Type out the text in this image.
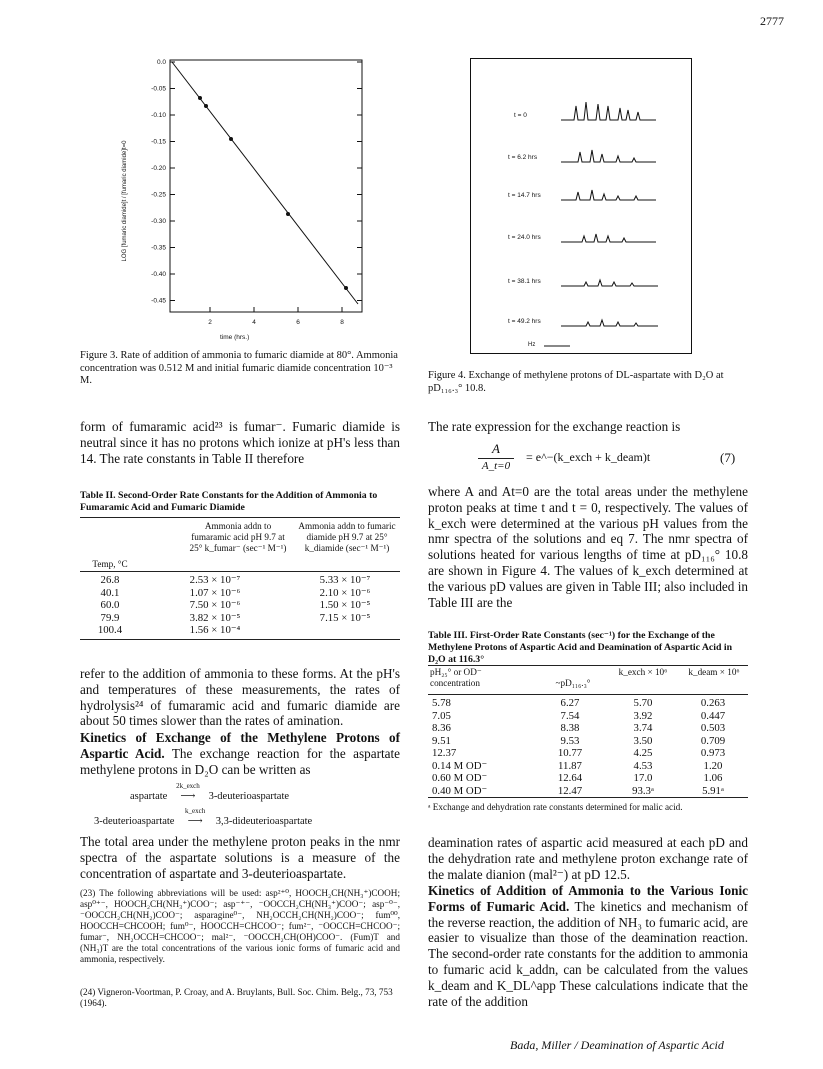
2777
0.0
-0.05
-0.10
-0.15
-0.20
-0.25
-0.30
-0.35
-0.40
-0.45
2	4	6	8
time (hrs.)
LOG [fumaric diamide]t / [fumaric diamide]t=0
Figure 3. Rate of addition of ammonia to fumaric diamide at 80°. Ammonia concentration was 0.512 M and initial fumaric diamide concentration 10⁻³ M.
t = 0
t = 6.2 hrs
t = 14.7 hrs
t = 24.0 hrs
t = 38.1 hrs
t = 49.2 hrs
Hz
Figure 4. Exchange of methylene protons of DL-aspartate with D₂O at pD₁₁₆.₃° 10.8.
form of fumaramic acid²³ is fumar⁻. Fumaric diamide is neutral since it has no protons which ionize at pH's less than 14. The rate constants in Table II therefore
Table II. Second-Order Rate Constants for the Addition of Ammonia to Fumaramic Acid and Fumaric Diamide
Temp, °C
Ammonia addn to fumaramic acid pH 9.7 at 25° k_fumar⁻ (sec⁻¹ M⁻¹)
Ammonia addn to fumaric diamide pH 9.7 at 25° k_diamide (sec⁻¹ M⁻¹)
26.8	2.53 × 10⁻⁷	5.33 × 10⁻⁷
40.1	1.07 × 10⁻⁶	2.10 × 10⁻⁶
60.0	7.50 × 10⁻⁶	1.50 × 10⁻⁵
79.9	3.82 × 10⁻⁵	7.15 × 10⁻⁵
100.4	1.56 × 10⁻⁴
refer to the addition of ammonia to these forms. At the pH's and temperatures of these measurements, the rates of hydrolysis²⁴ of fumaramic acid and fumaric diamide are about 50 times slower than the rates of amination.
Kinetics of Exchange of the Methylene Protons of Aspartic Acid. The exchange reaction for the aspartate methylene protons in D₂O can be written as
aspartate
2k_exch
⟶ 3-deuterioaspartate
3-deuterioaspartate
k_exch
⟶ 3,3-dideuterioaspartate
The total area under the methylene proton peaks in the nmr spectra of the aspartate solutions is a measure of the concentration of aspartate and 3-deuterioaspartate.
(23) The following abbreviations will be used: asp²⁺⁰, HOOCH₂CH(NH₃⁺)COOH; asp⁰⁺⁻, HOOCH₂CH(NH₃⁺)COO⁻; asp⁻⁺⁻, ⁻OOCCH₂CH(NH₃⁺)COO⁻; asp⁻⁰⁻, ⁻OOCCH₂CH(NH₂)COO⁻; asparagine⁰⁻, NH₂OCCH₂CH(NH₂)COO⁻; fum⁰⁰, HOOCCH=CHCOOH; fum⁰⁻, HOOCCH=CHCOO⁻; fum²⁻, ⁻OOCCH=CHCOO⁻; fumar⁻, NH₂OCCH=CHCOO⁻; mal²⁻, ⁻OOCCH₂CH(OH)COO⁻. (Fum)T and (NH₃)T are the total concentrations of the various ionic forms of fumaric acid and ammonia, respectively.
(24) Vigneron-Voortman, P. Croay, and A. Bruylants, Bull. Soc. Chim. Belg., 73, 753 (1964).
The rate expression for the exchange reaction is
A
A_t=0
= e^−(k_exch + k_deam)t	(7)
where A and At=0 are the total areas under the methylene proton peaks at time t and t = 0, respectively. The values of k_exch were determined at the various pH values from the nmr spectra of the solutions and eq 7. The nmr spectra of solutions heated for various lengths of time at pD₁₁₆° 10.8 are shown in Figure 4. The values of k_exch determined at the various pD values are given in Table III; also included in Table III are the
Table III. First-Order Rate Constants (sec⁻¹) for the Exchange of the Methylene Protons of Aspartic Acid and Deamination of Aspartic Acid in D₂O at 116.3°
pH₂₅° or OD⁻ concentration	~pD₁₁₆.₃°
k_exch × 10⁶	k_deam × 10⁶
5.78	6.27	5.70	0.263
7.05	7.54	3.92	0.447
8.36	8.38	3.74	0.503
9.51	9.53	3.50	0.709
12.37	10.77	4.25	0.973
0.14 M OD⁻	11.87	4.53	1.20
0.60 M OD⁻	12.64	17.0	1.06
0.40 M OD⁻	12.47	93.3ᵃ	5.91ᵃ
ᵃ Exchange and dehydration rate constants determined for malic acid.
deamination rates of aspartic acid measured at each pD and the dehydration rate and methylene proton exchange rate of the malate dianion (mal²⁻) at pD 12.5.
Kinetics of Addition of Ammonia to the Various Ionic Forms of Fumaric Acid. The kinetics and mechanism of the reverse reaction, the addition of NH₃ to fumaric acid, are easier to visualize than those of the deamination reaction. The second-order rate constants for the addition to ammonia to fumaric acid k_addn, can be calculated from the values k_deam and K_DL^app These calculations indicate that the rate of the addition
Bada, Miller / Deamination of Aspartic Acid
